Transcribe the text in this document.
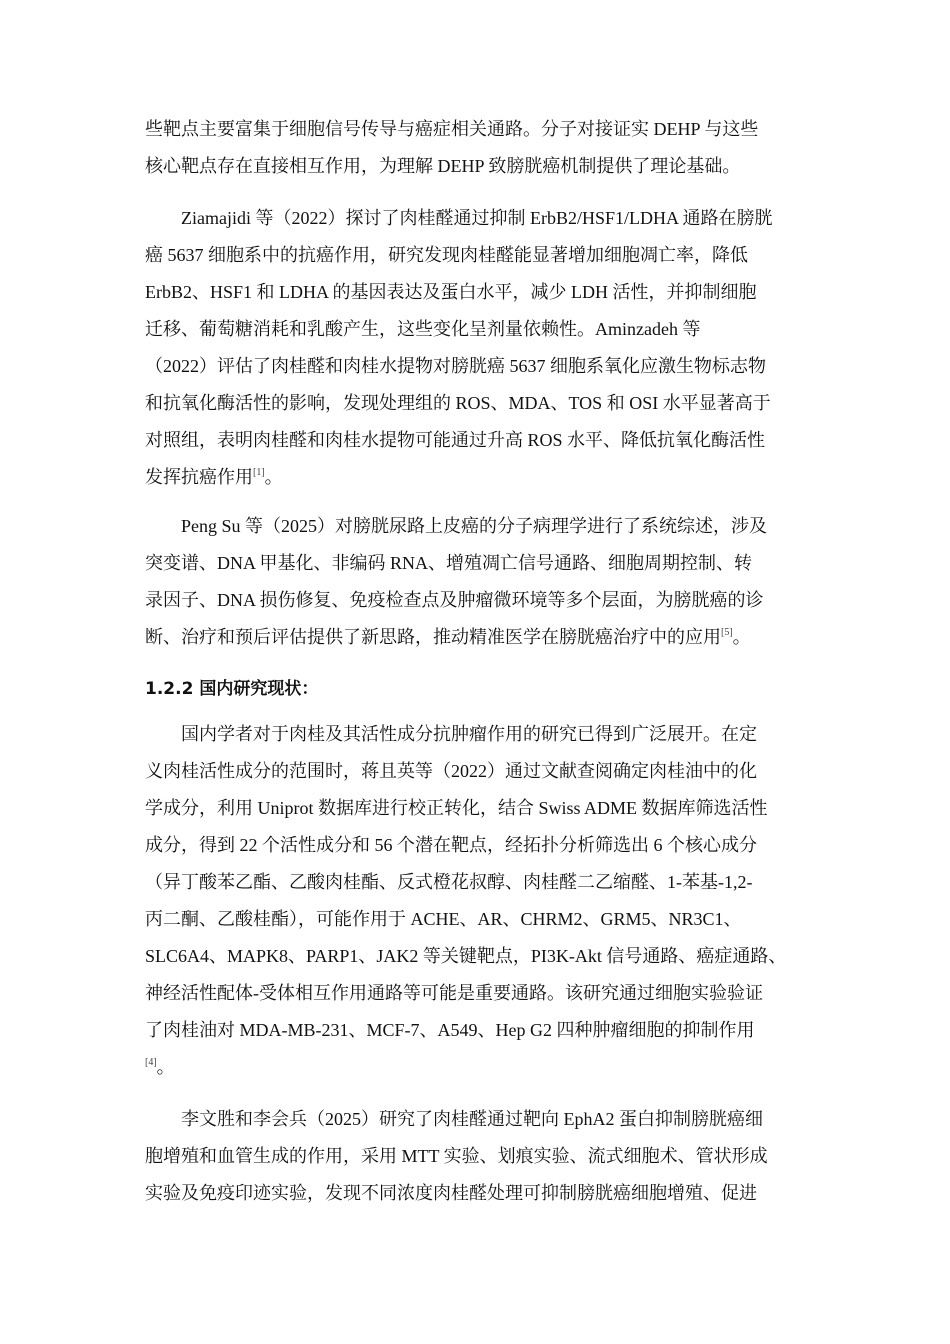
些靶点主要富集于细胞信号传导与癌症相关通路。分子对接证实 DEHP 与这些
核心靶点存在直接相互作用，为理解 DEHP 致膀胱癌机制提供了理论基础。
Ziamajidi 等（2022）探讨了肉桂醛通过抑制 ErbB2/HSF1/LDHA 通路在膀胱
癌 5637 细胞系中的抗癌作用，研究发现肉桂醛能显著增加细胞凋亡率，降低
ErbB2、HSF1 和 LDHA 的基因表达及蛋白水平，减少 LDH 活性，并抑制细胞
迁移、葡萄糖消耗和乳酸产生，这些变化呈剂量依赖性。Aminzadeh 等
（2022）评估了肉桂醛和肉桂水提物对膀胱癌 5637 细胞系氧化应激生物标志物
和抗氧化酶活性的影响，发现处理组的 ROS、MDA、TOS 和 OSI 水平显著高于
对照组，表明肉桂醛和肉桂水提物可能通过升高 ROS 水平、降低抗氧化酶活性
发挥抗癌作用[1]。
Peng Su 等（2025）对膀胱尿路上皮癌的分子病理学进行了系统综述，涉及
突变谱、DNA 甲基化、非编码 RNA、增殖凋亡信号通路、细胞周期控制、转
录因子、DNA 损伤修复、免疫检查点及肿瘤微环境等多个层面，为膀胱癌的诊
断、治疗和预后评估提供了新思路，推动精准医学在膀胱癌治疗中的应用[5]。
1.2.2 国内研究现状：
国内学者对于肉桂及其活性成分抗肿瘤作用的研究已得到广泛展开。在定
义肉桂活性成分的范围时，蒋且英等（2022）通过文献查阅确定肉桂油中的化
学成分，利用 Uniprot 数据库进行校正转化，结合 Swiss ADME 数据库筛选活性
成分，得到 22 个活性成分和 56 个潜在靶点，经拓扑分析筛选出 6 个核心成分
（异丁酸苯乙酯、乙酸肉桂酯、反式橙花叔醇、肉桂醛二乙缩醛、1-苯基-1,2-
丙二酮、乙酸桂酯），可能作用于 ACHE、AR、CHRM2、GRM5、NR3C1、
SLC6A4、MAPK8、PARP1、JAK2 等关键靶点，PI3K-Akt 信号通路、癌症通路、
神经活性配体-受体相互作用通路等可能是重要通路。该研究通过细胞实验验证
了肉桂油对 MDA-MB-231、MCF-7、A549、Hep G2 四种肿瘤细胞的抑制作用
[4]。
李文胜和李会兵（2025）研究了肉桂醛通过靶向 EphA2 蛋白抑制膀胱癌细
胞增殖和血管生成的作用，采用 MTT 实验、划痕实验、流式细胞术、管状形成
实验及免疫印迹实验，发现不同浓度肉桂醛处理可抑制膀胱癌细胞增殖、促进
